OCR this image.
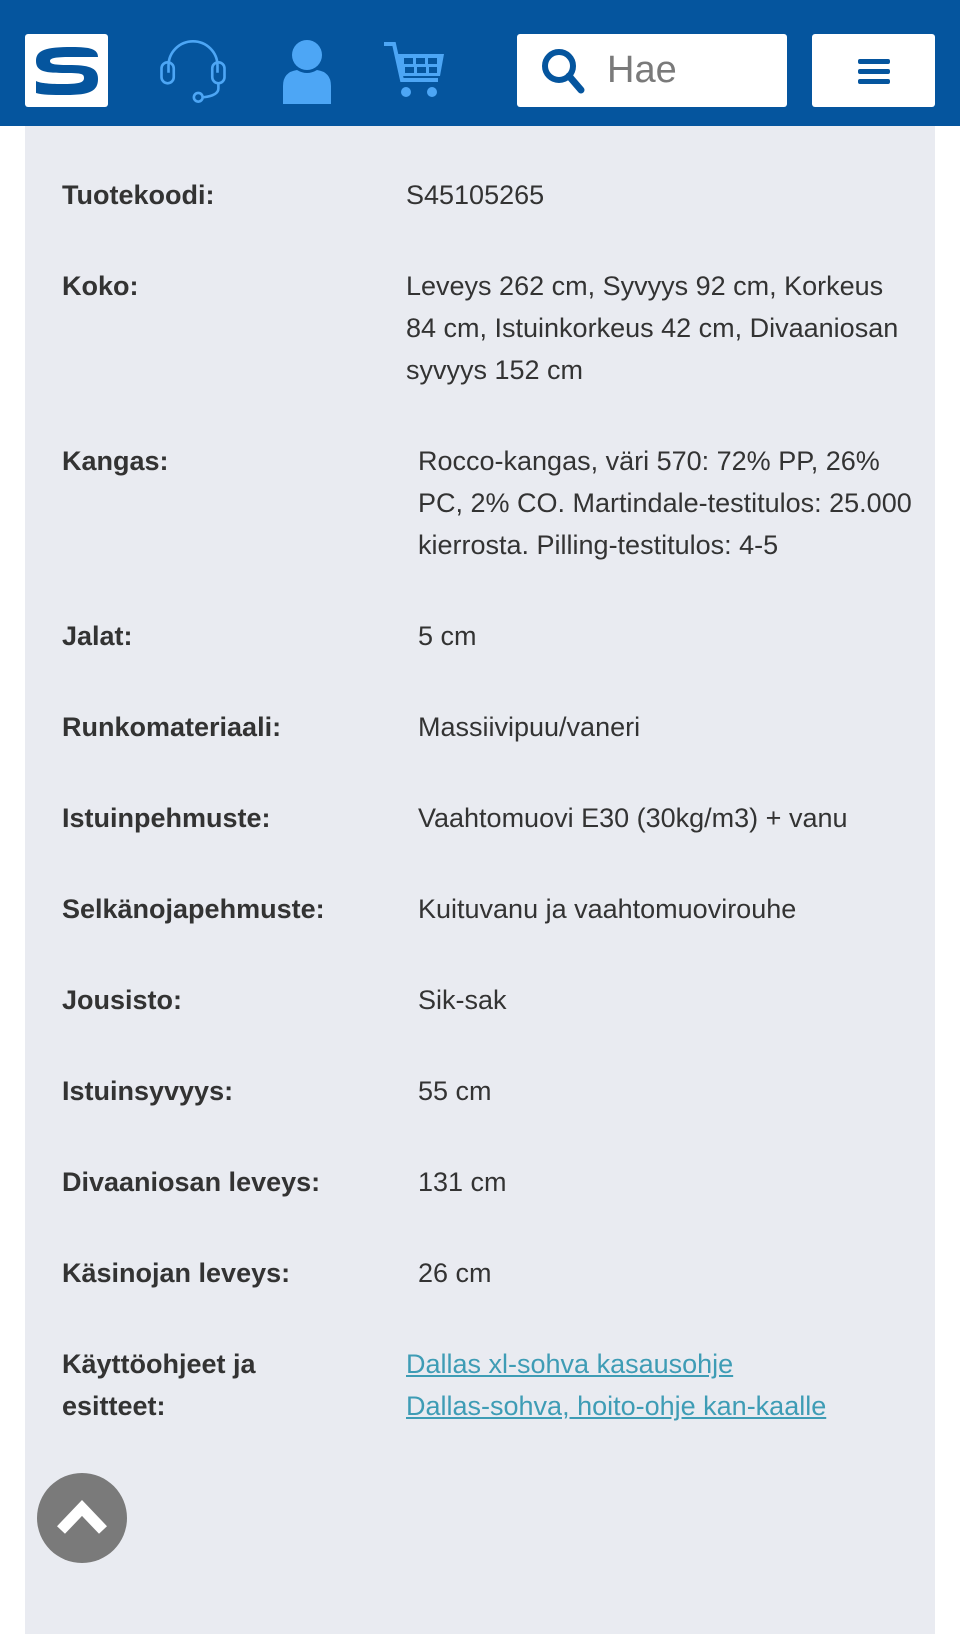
Hae
Tuotekoodi:	S45105265
Koko:	Leveys 262 cm, Syvyys 92 cm, Korkeus 84 cm, Istuinkorkeus 42 cm, Divaaniosan syvyys 152 cm
Kangas:	Rocco-kangas, väri 570: 72% PP, 26% PC, 2% CO. Martindale-testitulos: 25.000 kierrosta. Pilling-testitulos: 4-5
Jalat:	5 cm
Runkomateriaali:	Massiivipuu/vaneri
Istuinpehmuste:	Vaahtomuovi E30 (30kg/m3) + vanu
Selkänojapehmuste:	Kuituvanu ja vaahtomuovirouhe
Jousisto:	Sik-sak
Istuinsyvyys:	55 cm
Divaaniosan leveys:	131 cm
Käsinojan leveys:	26 cm
Käyttöohjeet ja esitteet:
Dallas xl-sohva kasausohje
Dallas-sohva, hoito-ohje kan-kaalle
